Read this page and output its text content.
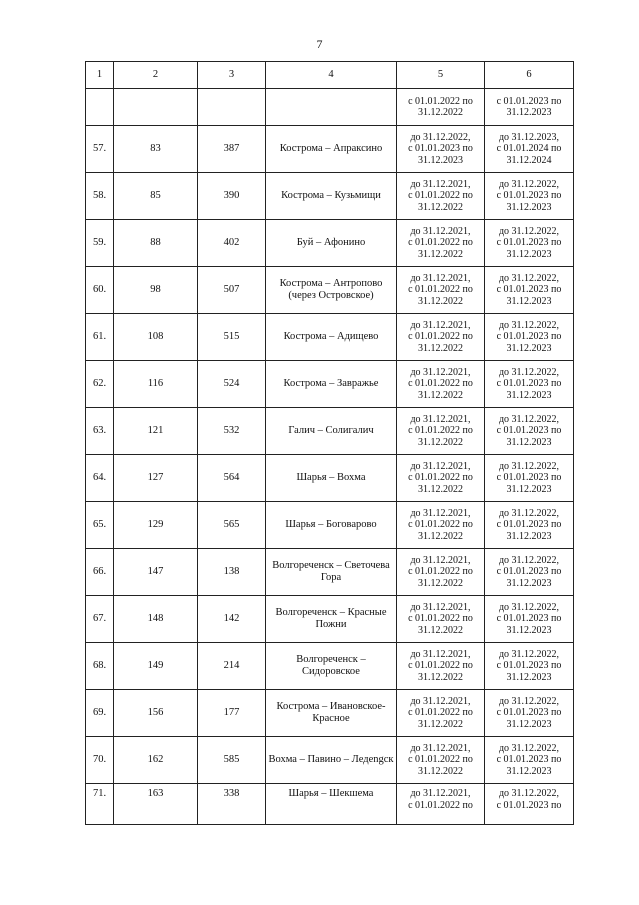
7
1	2	3	4	5	6
				с 01.01.2022 по 31.12.2022	с 01.01.2023 по 31.12.2023
57.	83	387	Кострома – Апраксино	до 31.12.2022,
с 01.01.2023 по
31.12.2023	до 31.12.2023,
с 01.01.2024 по
31.12.2024

58.	85	390	Кострома – Кузьмищи	до 31.12.2021,
с 01.01.2022 по
31.12.2022	до 31.12.2022,
с 01.01.2023 по
31.12.2023

59.	88	402	Буй – Афонино	до 31.12.2021,
с 01.01.2022 по
31.12.2022	до 31.12.2022,
с 01.01.2023 по
31.12.2023

60.	98	507	Кострома – Антропово (через Островское)	до 31.12.2021,
с 01.01.2022 по
31.12.2022	до 31.12.2022,
с 01.01.2023 по
31.12.2023

61.	108	515	Кострома – Адищево	до 31.12.2021,
с 01.01.2022 по
31.12.2022	до 31.12.2022,
с 01.01.2023 по
31.12.2023

62.	116	524	Кострома – Завражье	до 31.12.2021,
с 01.01.2022 по
31.12.2022	до 31.12.2022,
с 01.01.2023 по
31.12.2023

63.	121	532	Галич – Солигалич	до 31.12.2021,
с 01.01.2022 по
31.12.2022	до 31.12.2022,
с 01.01.2023 по
31.12.2023

64.	127	564	Шарья – Вохма	до 31.12.2021,
с 01.01.2022 по
31.12.2022	до 31.12.2022,
с 01.01.2023 по
31.12.2023

65.	129	565	Шарья – Боговарово	до 31.12.2021,
с 01.01.2022 по
31.12.2022	до 31.12.2022,
с 01.01.2023 по
31.12.2023

66.	147	138	Волгореченск – Светочева Гора	до 31.12.2021,
с 01.01.2022 по
31.12.2022	до 31.12.2022,
с 01.01.2023 по
31.12.2023

67.	148	142	Волгореченск – Красные Пожни	до 31.12.2021,
с 01.01.2022 по
31.12.2022	до 31.12.2022,
с 01.01.2023 по
31.12.2023

68.	149	214	Волгореченск – Сидоровское	до 31.12.2021,
с 01.01.2022 по
31.12.2022	до 31.12.2022,
с 01.01.2023 по
31.12.2023

69.	156	177	Кострома – Ивановское-Красное	до 31.12.2021,
с 01.01.2022 по
31.12.2022	до 31.12.2022,
с 01.01.2023 по
31.12.2023

70.	162	585	Вохма – Павино – Ледengск	до 31.12.2021,
с 01.01.2022 по
31.12.2022	до 31.12.2022,
с 01.01.2023 по
31.12.2023

71.	163	338	Шарья – Шекшема	до 31.12.2021,
с 01.01.2022 по	до 31.12.2022,
с 01.01.2023 по
